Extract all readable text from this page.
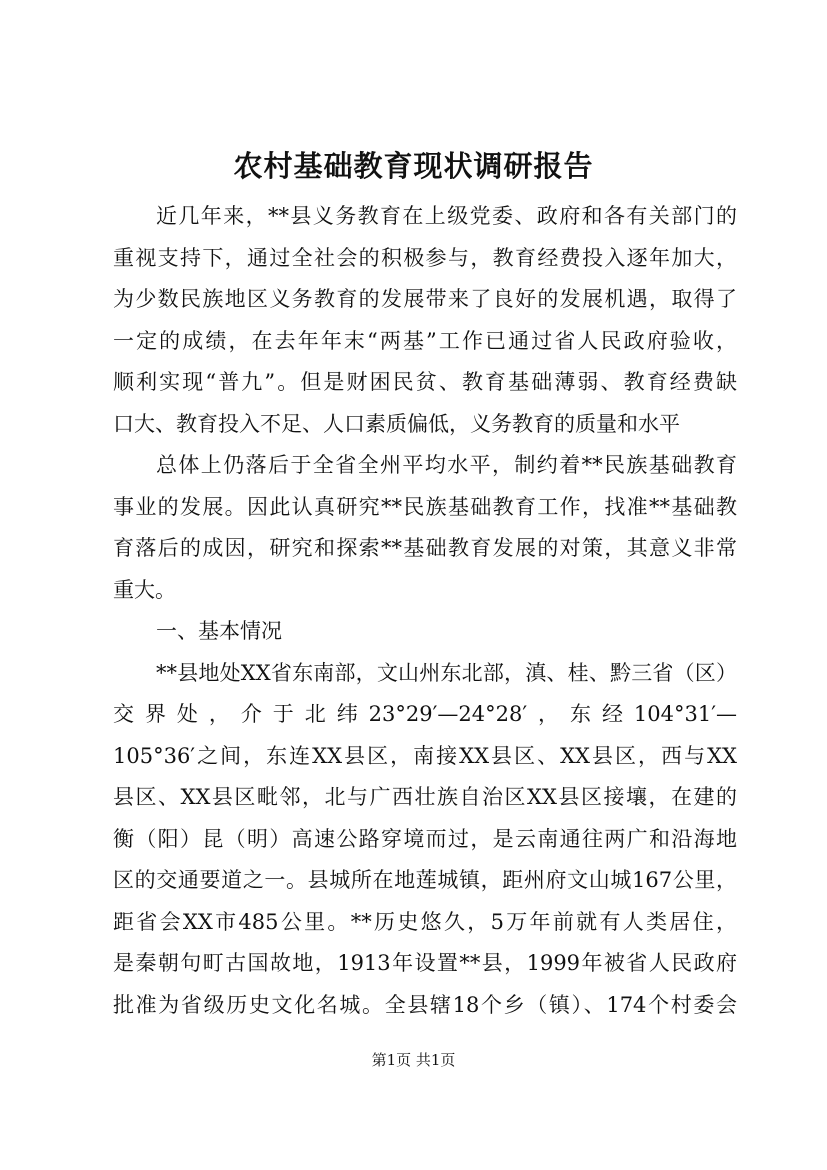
农村基础教育现状调研报告

近几年来，**县义务教育在上级党委、政府和各有关部门的

重视支持下，通过全社会的积极参与，教育经费投入逐年加大，

为少数民族地区义务教育的发展带来了良好的发展机遇，取得了

一定的成绩，在去年年末“两基”工作已通过省人民政府验收，

顺利实现“普九”。但是财困民贫、教育基础薄弱、教育经费缺

口大、教育投入不足、人口素质偏低，义务教育的质量和水平

总体上仍落后于全省全州平均水平，制约着**民族基础教育

事业的发展。因此认真研究**民族基础教育工作，找准**基础教

育落后的成因，研究和探索**基础教育发展的对策，其意义非常

重大。

一、基本情况

**县地处XX省东南部，文山州东北部，滇、桂、黔三省（区）

交界处，介于北纬23°29′—24°28′，东经104°31′—

105°36′之间，东连XX县区，南接XX县区、XX县区，西与XX

县区、XX县区毗邻，北与广西壮族自治区XX县区接壤，在建的

衡（阳）昆（明）高速公路穿境而过，是云南通往两广和沿海地

区的交通要道之一。县城所在地莲城镇，距州府文山城167公里，

距省会XX市485公里。**历史悠久，5万年前就有人类居住，

是秦朝句町古国故地，1913年设置**县，1999年被省人民政府

批准为省级历史文化名城。全县辖18个乡（镇）、174个村委会

第1页 共1页
